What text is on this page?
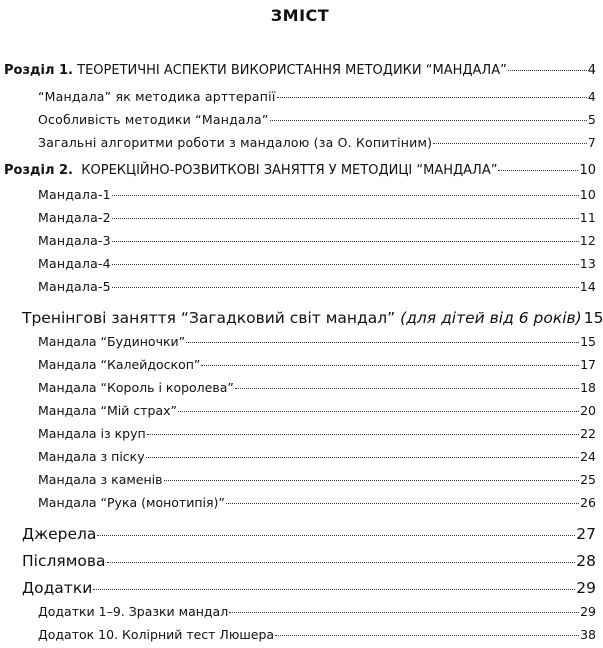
ЗМІСТ
Розділ 1. ТЕОРЕТИЧНІ АСПЕКТИ ВИКОРИСТАННЯ МЕТОДИКИ “МАНДАЛА”	4
“Мандала” як методика арттерапії	4
Особливість методики “Мандала”	5
Загальні алгоритми роботи з мандалою (за О. Копитіним)	7
Розділ 2. КОРЕКЦІЙНО-РОЗВИТКОВІ ЗАНЯТТЯ У МЕТОДИЦІ “МАНДАЛА”	10
Мандала-1	10
Мандала-2	11
Мандала-3	12
Мандала-4	13
Мандала-5	14
Тренінгові заняття “Загадковий світ мандал” (для дітей від 6 років) 15
Мандала “Будиночки”	15
Мандала “Калейдоскоп”	17
Мандала “Король і королева”	18
Мандала “Мій страх”	20
Мандала із круп	22
Мандала з піску	24
Мандала з каменів	25
Мандала “Рука (монотипія)”	26
Джерела	27
Післямова	28
Додатки	29
Додатки 1–9. Зразки мандал	29
Додаток 10. Колірний тест Люшера	38
